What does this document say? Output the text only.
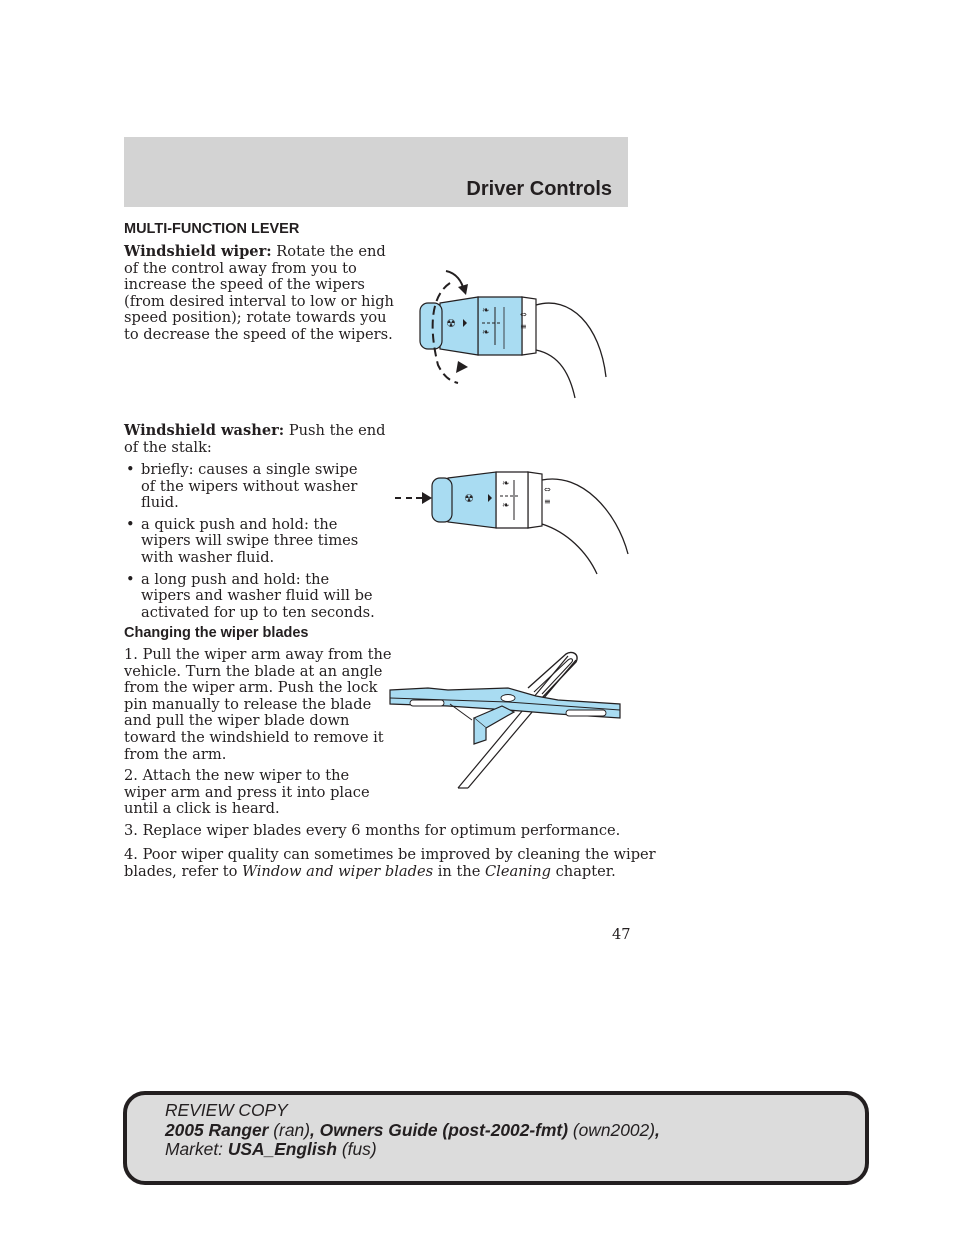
Driver Controls
MULTI-FUNCTION LEVER

Windshield wiper: Rotate the end
of the control away from you to
increase the speed of the wipers
(from desired interval to low or high
speed position); rotate towards you
to decrease the speed of the wipers.

☢
❧
❧
⇔
≡

Windshield washer: Push the end
of the stalk:

• briefly: causes a single swipe of the wipers without washer fluid.
• a quick push and hold: the wipers will swipe three times with washer fluid.
• a long push and hold: the wipers and washer fluid will be activated for up to ten seconds.
☢
❧
❧
⇔
≡
Changing the wiper blades

1. Pull the wiper arm away from the
vehicle. Turn the blade at an angle
from the wiper arm. Push the lock
pin manually to release the blade
and pull the wiper blade down
toward the windshield to remove it
from the arm.

2. Attach the new wiper to the
wiper arm and press it into place
until a click is heard.

3. Replace wiper blades every 6 months for optimum performance.

4. Poor wiper quality can sometimes be improved by cleaning the wiper
blades, refer to Window and wiper blades in the Cleaning chapter.

47
REVIEW COPY
2005 Ranger (ran), Owners Guide (post-2002-fmt) (own2002),
Market: USA_English (fus)
